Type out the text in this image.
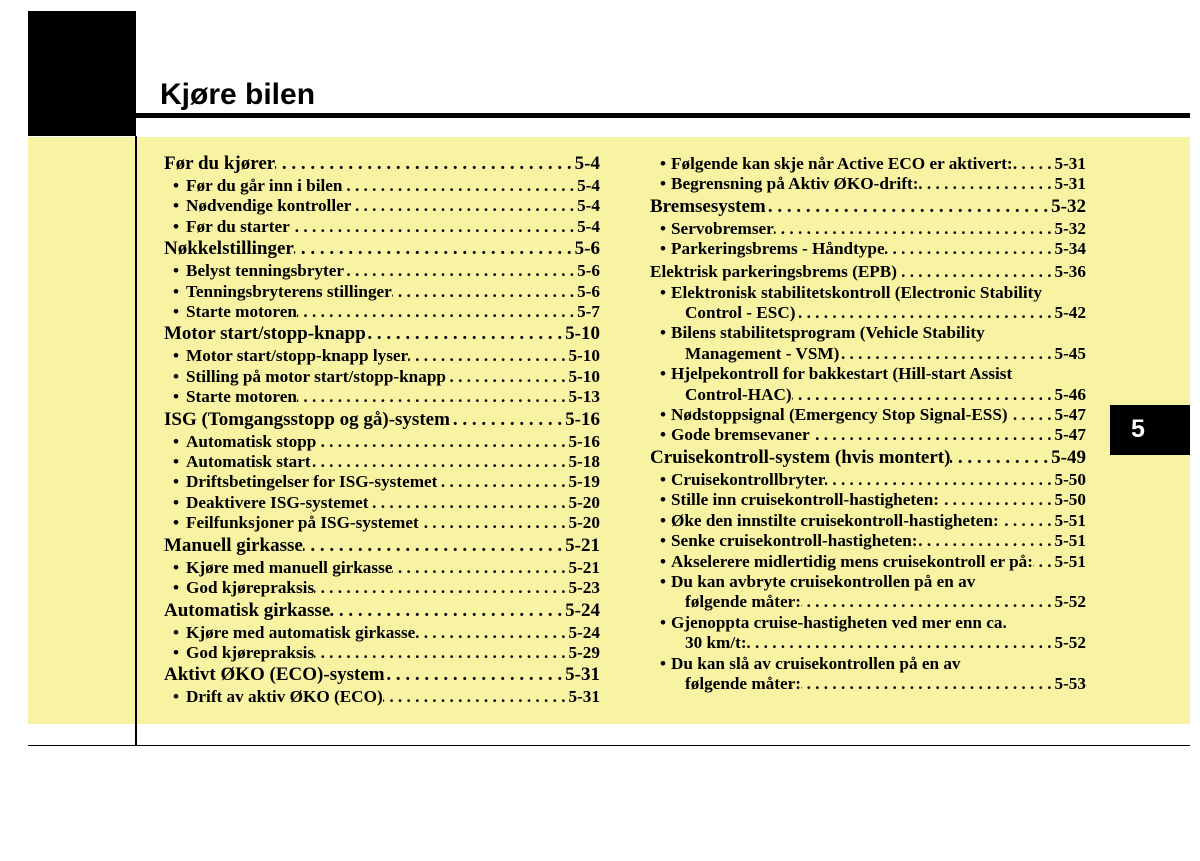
Kjøre bilen
Før du kjører . . .	5-4
• Før du går inn i bilen . . .	5-4
• Nødvendige kontroller . . .	5-4
• Før du starter . . .	5-4
Nøkkelstillinger . . .	5-6
• Belyst tenningsbryter . . .	5-6
• Tenningsbryterens stillinger . . .	5-6
• Starte motoren . . .	5-7
Motor start/stopp-knapp . . .	5-10
• Motor start/stopp-knapp lyser . . .	5-10
• Stilling på motor start/stopp-knapp . . .	5-10
• Starte motoren . . .	5-13
ISG (Tomgangsstopp og gå)-system . . .	5-16
• Automatisk stopp . . .	5-16
• Automatisk start . . .	5-18
• Driftsbetingelser for ISG-systemet . . .	5-19
• Deaktivere ISG-systemet . . .	5-20
• Feilfunksjoner på ISG-systemet . . .	5-20
Manuell girkasse . . .	5-21
• Kjøre med manuell girkasse . . .	5-21
• God kjørepraksis . . .	5-23
Automatisk girkasse . . .	5-24
• Kjøre med automatisk girkasse . . .	5-24
• God kjørepraksis . . .	5-29
Aktivt ØKO (ECO)-system . . .	5-31
• Drift av aktiv ØKO (ECO) . . .	5-31
• Følgende kan skje når Active ECO er aktivert: . . . 5-31
• Begrensning på Aktiv ØKO-drift: . . .	5-31
Bremsesystem . . .	5-32
• Servobremser . . .	5-32
• Parkeringsbrems - Håndtype . . .	5-34
Elektrisk parkeringsbrems (EPB) . . .	5-36
• Elektronisk stabilitetskontroll (Electronic Stability
Control - ESC) . . .	5-42
• Bilens stabilitetsprogram (Vehicle Stability
Management - VSM) . . .	5-45
• Hjelpekontroll for bakkestart (Hill-start Assist
Control-HAC) . . .	5-46
• Nødstoppsignal (Emergency Stop Signal-ESS) . . .	5-47
• Gode bremsevaner . . .	5-47
Cruisekontroll-system (hvis montert) . . .	5-49
• Cruisekontrollbryter . . .	5-50
• Stille inn cruisekontroll-hastigheten: . . .	5-50
• Øke den innstilte cruisekontroll-hastigheten: . . .	5-51
• Senke cruisekontroll-hastigheten: . . .	5-51
• Akselerere midlertidig mens cruisekontroll er på: . . . 5-51
• Du kan avbryte cruisekontrollen på en av
følgende måter: . . .	5-52
• Gjenoppta cruise-hastigheten ved mer enn ca.
30 km/t: . . .	5-52
• Du kan slå av cruisekontrollen på en av
følgende måter: . . .	5-53
5
